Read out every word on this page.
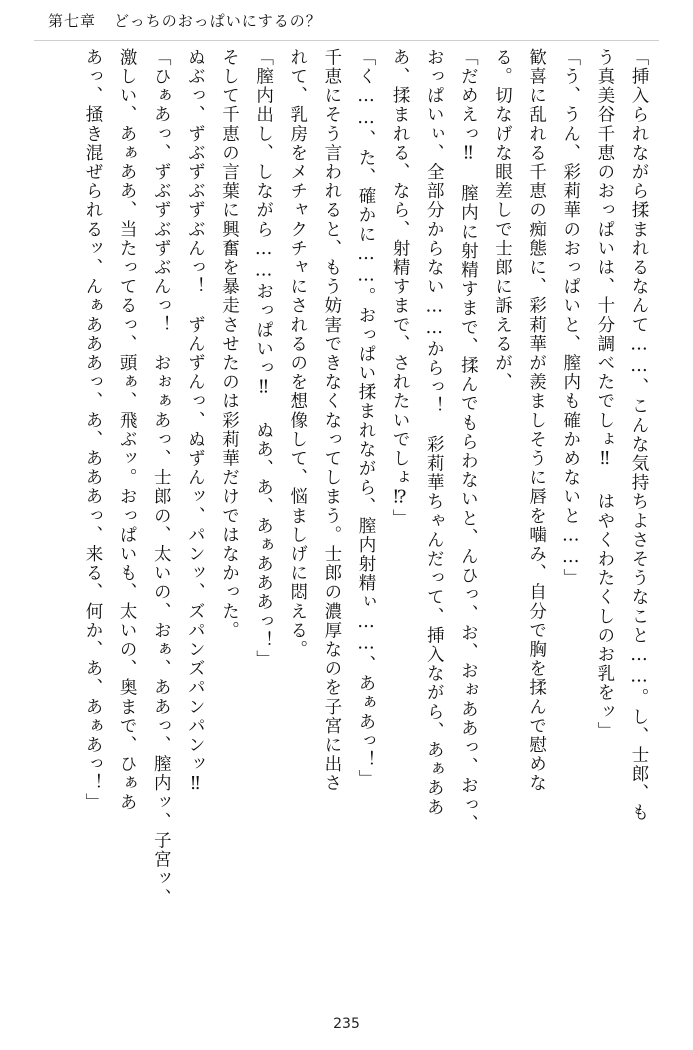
第七章 どっちのおっぱいにするの？

「挿入られながら揉まれるなんて……、こんな気持ちよさそうなこと……。し、士郎、も

う真美谷千恵のおっぱいは、十分調べたでしょ‼ はやくわたくしのお乳をッ」

「う、うん、彩莉華のおっぱいと、膣内も確かめないと……」

歓喜に乱れる千恵の痴態に、彩莉華が羨ましそうに唇を噛み、自分で胸を揉んで慰めな

る。切なげな眼差しで士郎に訴えるが、

「だめえっ‼　膣内に射精すまで、揉んでもらわないと、んひっ、お、おぉああっ、おっ、

おっぱいぃ、全部分からない……からっ！　彩莉華ちゃんだって、挿入ながら、あぁああ

あ、揉まれる、なら、射精すまで、されたいでしょ⁉」

「く……、た、確かに……。おっぱい揉まれながら、膣内射精ぃ……、あぁあっ！」

千恵にそう言われると、もう妨害できなくなってしまう。士郎の濃厚なのを子宮に出さ

れて、乳房をメチャクチャにされるのを想像して、悩ましげに悶える。

「膣内出し、しながら……おっぱいっ‼ ぬあ、あ、あぁあああっ！」

そして千恵の言葉に興奮を暴走させたのは彩莉華だけではなかった。

ぬぶっ、ずぶずぶずぶんっ！　ずんずんっ、ぬずんッ、パンッ、ズパンズパンパンッ‼

「ひぁあっ、ずぶずぶずぶんっ！　おぉぁあっ、士郎の、太いの、おぁ、ああっ、膣内ッ、子宮ッ、

激しい、あぁああ、当たってるっ、頭ぁ、飛ぶッ。おっぱいも、太いの、奥まで、ひぁあ

あっ、掻き混ぜられるッ、んぁあああっ、あ、あああっ、来る、何か、あ、あぁあっ！」

235
